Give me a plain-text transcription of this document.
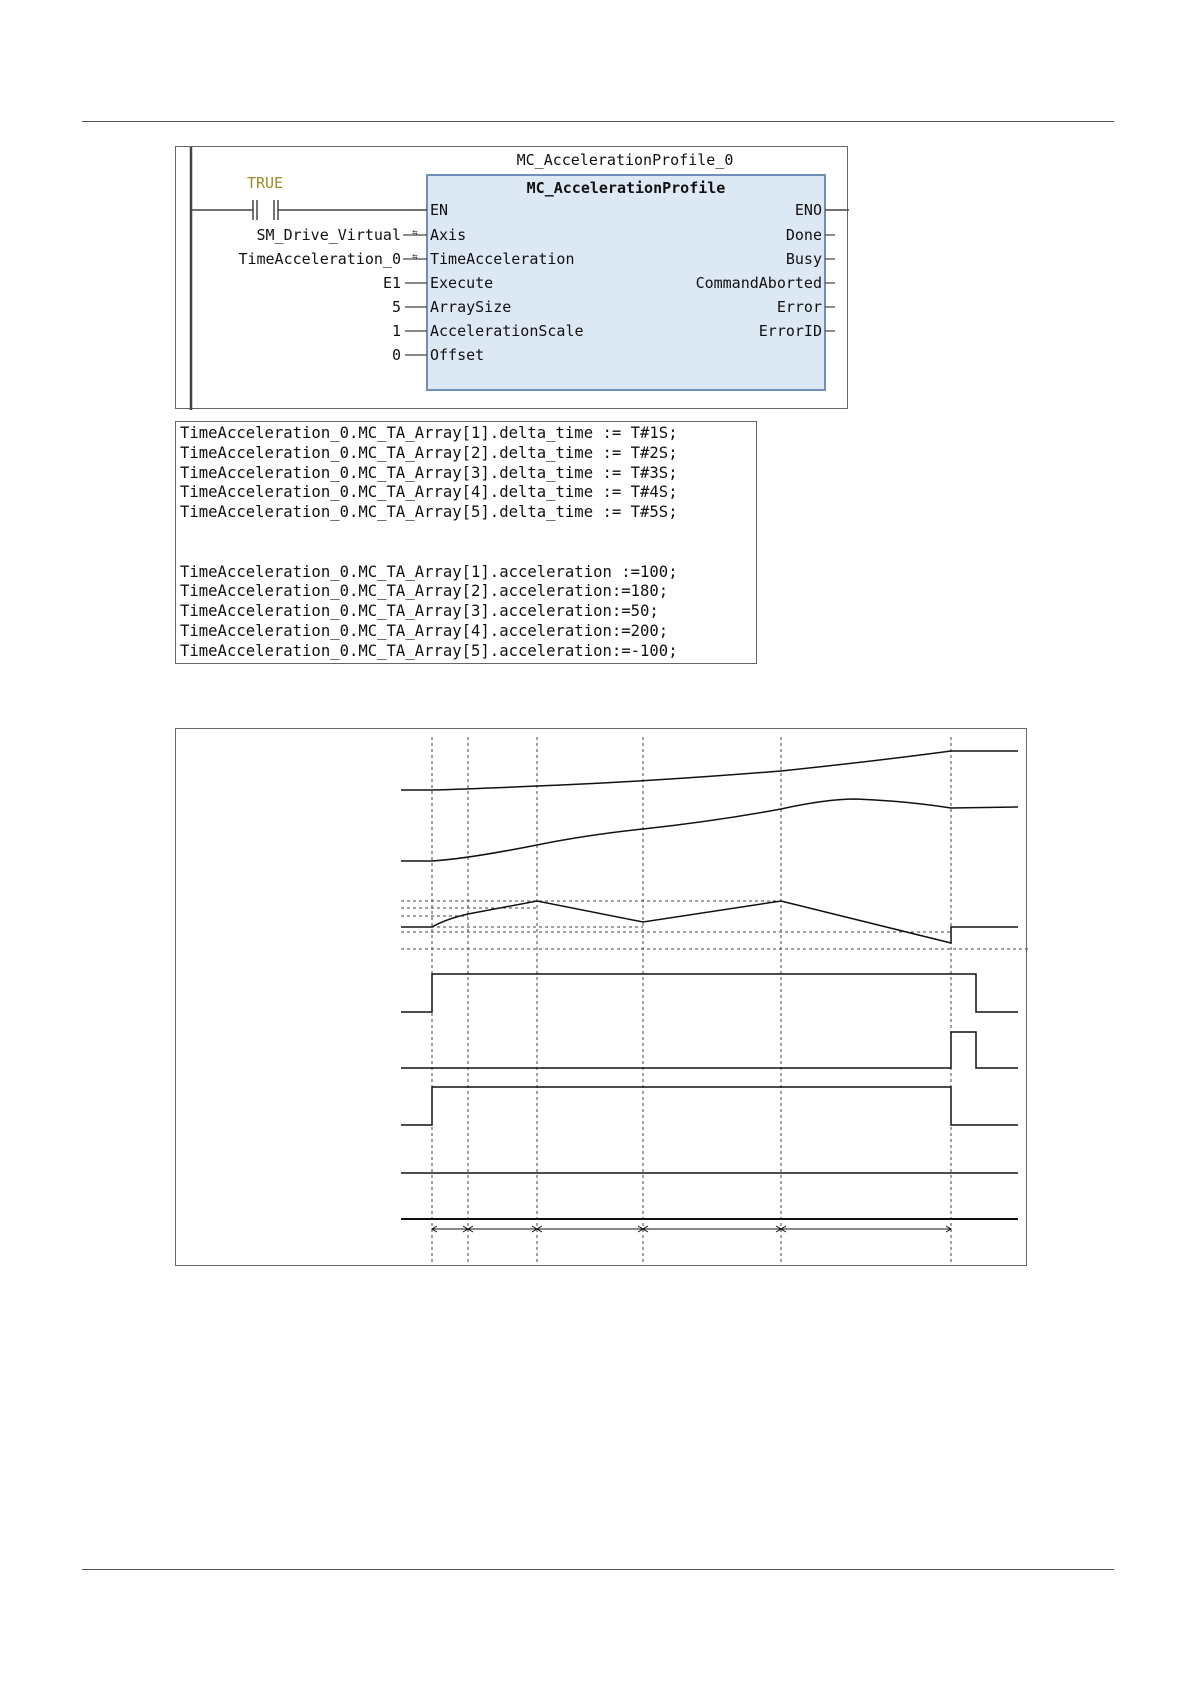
MC_AccelerationProfile_0
MC_AccelerationProfile
TRUE
EN
SM_Drive_Virtual ⇆ Axis
TimeAcceleration_0 ⇆ TimeAcceleration
E1 Execute
5 ArraySize
1 AccelerationScale
0 Offset
ENO
Done
Busy
CommandAborted
Error
ErrorID
TimeAcceleration_0.MC_TA_Array[1].delta_time := T#1S;
TimeAcceleration_0.MC_TA_Array[2].delta_time := T#2S;
TimeAcceleration_0.MC_TA_Array[3].delta_time := T#3S;
TimeAcceleration_0.MC_TA_Array[4].delta_time := T#4S;
TimeAcceleration_0.MC_TA_Array[5].delta_time := T#5S;
TimeAcceleration_0.MC_TA_Array[1].acceleration :=100;
TimeAcceleration_0.MC_TA_Array[2].acceleration:=180;
TimeAcceleration_0.MC_TA_Array[3].acceleration:=50;
TimeAcceleration_0.MC_TA_Array[4].acceleration:=200;
TimeAcceleration_0.MC_TA_Array[5].acceleration:=-100;
